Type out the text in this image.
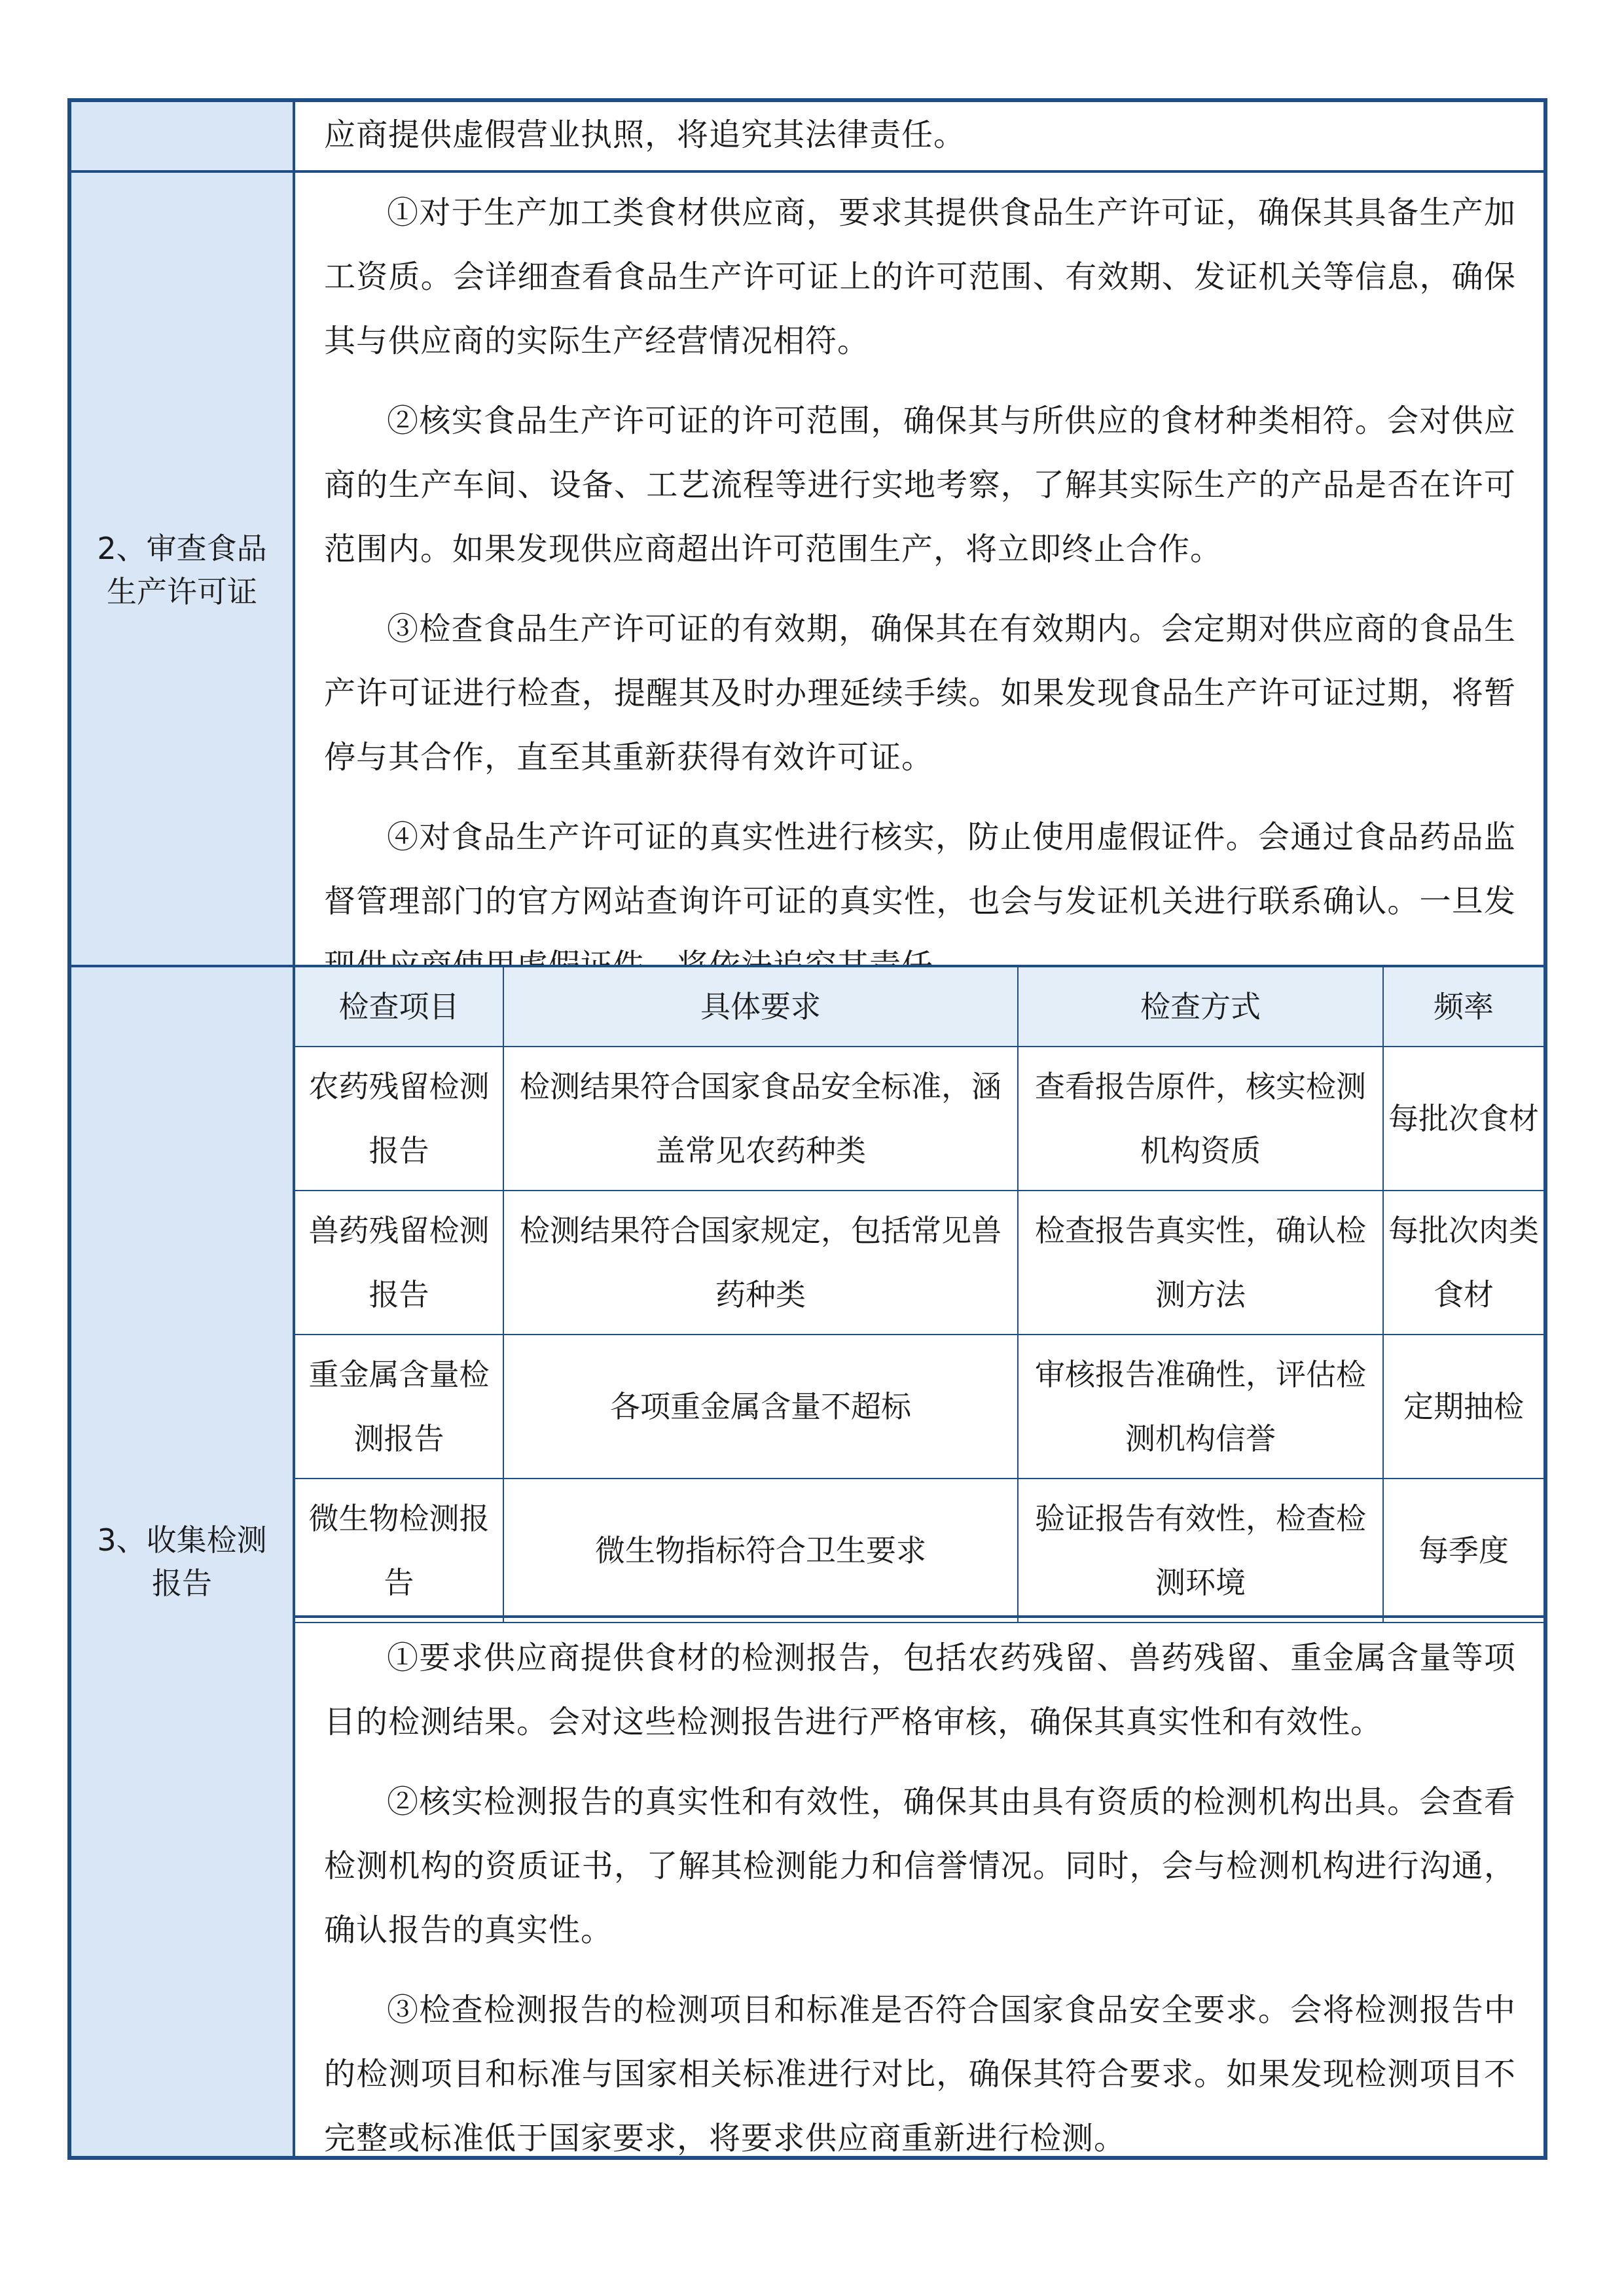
应商提供虚假营业执照，将追究其法律责任。

2、审查食品生产许可证

①对于生产加工类食材供应商，要求其提供食品生产许可证，确保其具备生产加工资质。会详细查看食品生产许可证上的许可范围、有效期、发证机关等信息，确保其与供应商的实际生产经营情况相符。

②核实食品生产许可证的许可范围，确保其与所供应的食材种类相符。会对供应商的生产车间、设备、工艺流程等进行实地考察，了解其实际生产的产品是否在许可范围内。如果发现供应商超出许可范围生产，将立即终止合作。

③检查食品生产许可证的有效期，确保其在有效期内。会定期对供应商的食品生产许可证进行检查，提醒其及时办理延续手续。如果发现食品生产许可证过期，将暂停与其合作，直至其重新获得有效许可证。

④对食品生产许可证的真实性进行核实，防止使用虚假证件。会通过食品药品监督管理部门的官方网站查询许可证的真实性，也会与发证机关进行联系确认。一旦发

3、收集检测报告
检查项目	具体要求	检查方式	频率
农药残留检测报告	检测结果符合国家食品安全标准，涵盖常见农药种类	查看报告原件，核实检测机构资质	每批次食材
兽药残留检测报告	检测结果符合国家规定，包括常见兽药种类	检查报告真实性，确认检测方法	每批次肉类食材
重金属含量检测报告	各项重金属含量不超标	审核报告准确性，评估检测机构信誉	定期抽检
微生物检测报告	微生物指标符合卫生要求	验证报告有效性，检查检测环境	每季度

①要求供应商提供食材的检测报告，包括农药残留、兽药残留、重金属含量等项目的检测结果。会对这些检测报告进行严格审核，确保其真实性和有效性。

②核实检测报告的真实性和有效性，确保其由具有资质的检测机构出具。会查看检测机构的资质证书，了解其检测能力和信誉情况。同时，会与检测机构进行沟通，确认报告的真实性。

③检查检测报告的检测项目和标准是否符合国家食品安全要求。会将检测报告中的检测项目和标准与国家相关标准进行对比，确保其符合要求。如果发现检测项目不完整或标准低于国家要求，将要求供应商重新进行检测。
